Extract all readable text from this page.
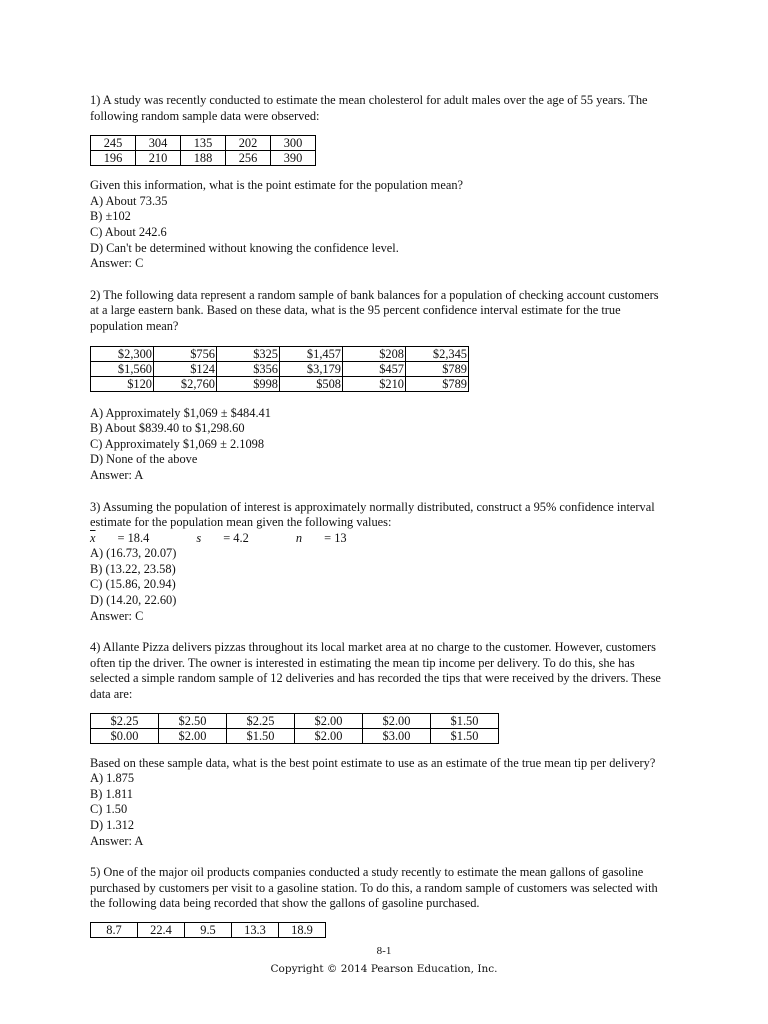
1) A study was recently conducted to estimate the mean cholesterol for adult males over the age of 55 years. The
following random sample data were observed:

245	304	135	202	300
196	210	188	256	390
Given this information, what is the point estimate for the population mean?
A) About 73.35
B) ±102
C) About 242.6
D) Can't be determined without knowing the confidence level.
Answer: C

2) The following data represent a random sample of bank balances for a population of checking account customers
at a large eastern bank. Based on these data, what is the 95 percent confidence interval estimate for the true
population mean?

$2,300	$756	$325	$1,457	$208	$2,345
$1,560	$124	$356	$3,179	$457	$789
$120	$2,760	$998	$508	$210	$789
A) Approximately $1,069 ± $484.41
B) About $839.40 to $1,298.60
C) Approximately $1,069 ± 2.1098
D) None of the above
Answer: A

3) Assuming the population of interest is approximately normally distributed, construct a 95% confidence interval
estimate for the population mean given the following values:

$\overline{x}= 18.4$	s= 4.2	n= 13
A) (16.73, 20.07)
B) (13.22, 23.58)
C) (15.86, 20.94)
D) (14.20, 22.60)
Answer: C

4) Allante Pizza delivers pizzas throughout its local market area at no charge to the customer. However, customers
often tip the driver. The owner is interested in estimating the mean tip income per delivery. To do this, she has
selected a simple random sample of 12 deliveries and has recorded the tips that were received by the drivers. These
data are:

$2.25	$2.50	$2.25	$2.00	$2.00	$1.50
$0.00	$2.00	$1.50	$2.00	$3.00	$1.50
Based on these sample data, what is the best point estimate to use as an estimate of the true mean tip per delivery?
A) 1.875
B) 1.811
C) 1.50
D) 1.312
Answer: A

5) One of the major oil products companies conducted a study recently to estimate the mean gallons of gasoline
purchased by customers per visit to a gasoline station. To do this, a random sample of customers was selected with
the following data being recorded that show the gallons of gasoline purchased.

8.7	22.4	9.5	13.3	18.9
8-1
Copyright © 2014 Pearson Education, Inc.
